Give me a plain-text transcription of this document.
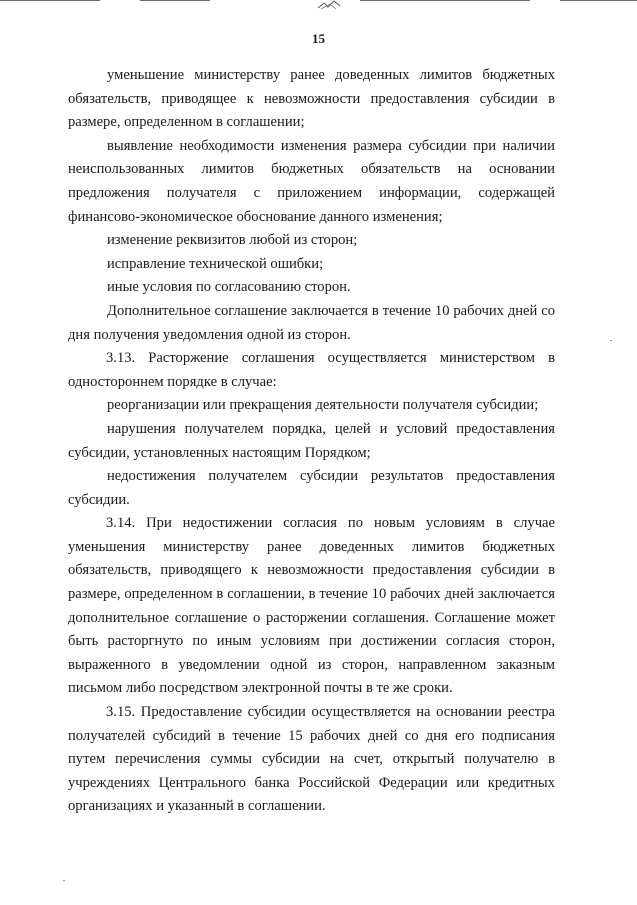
15

уменьшение министерству ранее доведенных лимитов бюджетных обязательств, приводящее к невозможности предоставления субсидии в размере, определенном в соглашении;

выявление необходимости изменения размера субсидии при наличии неиспользованных лимитов бюджетных обязательств на основании предложения получателя с приложением информации, содержащей финансово-экономическое обоснование данного изменения;

изменение реквизитов любой из сторон;

исправление технической ошибки;

иные условия по согласованию сторон.

Дополнительное соглашение заключается в течение 10 рабочих дней со дня получения уведомления одной из сторон.

3.13. Расторжение соглашения осуществляется министерством в одностороннем порядке в случае:

реорганизации или прекращения деятельности получателя субсидии;

нарушения получателем порядка, целей и условий предоставления субсидии, установленных настоящим Порядком;

недостижения получателем субсидии результатов предоставления субсидии.

3.14. При недостижении согласия по новым условиям в случае уменьшения министерству ранее доведенных лимитов бюджетных обязательств, приводящего к невозможности предоставления субсидии в размере, определенном в соглашении, в течение 10 рабочих дней заключается дополнительное соглашение о расторжении соглашения. Соглашение может быть расторгнуто по иным условиям при достижении согласия сторон, выраженного в уведомлении одной из сторон, направленном заказным письмом либо посредством электронной почты в те же сроки.

3.15. Предоставление субсидии осуществляется на основании реестра получателей субсидий в течение 15 рабочих дней со дня его подписания путем перечисления суммы субсидии на счет, открытый получателю в учреждениях Центрального банка Российской Федерации или кредитных организациях и указанный в соглашении.
